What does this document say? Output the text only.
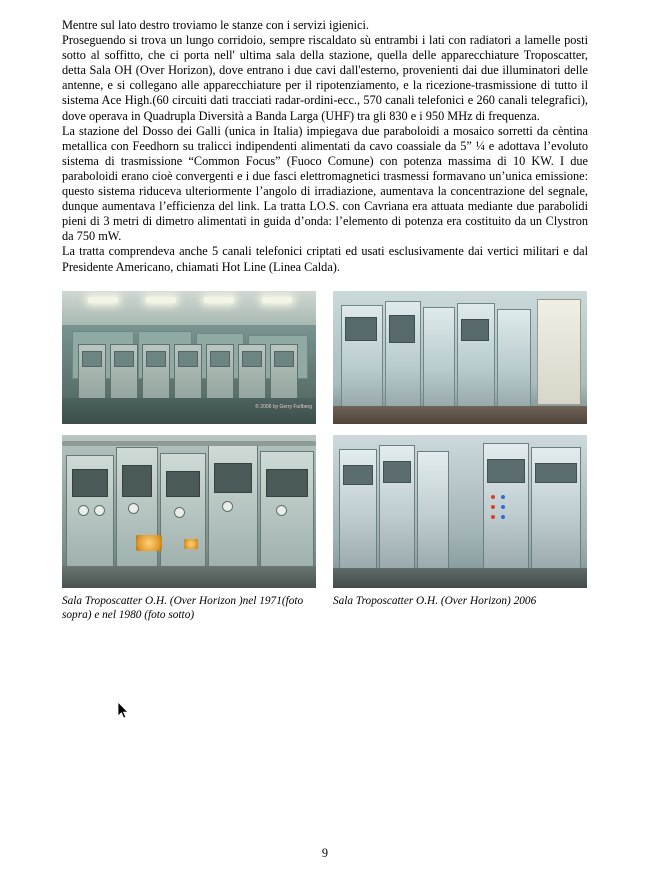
Mentre sul lato destro troviamo le stanze con i servizi igienici.

Proseguendo si trova un lungo corridoio, sempre riscaldato sù entrambi i lati con radiatori a lamelle posti sotto al soffitto, che ci porta nell' ultima sala della stazione, quella delle apparecchiature Troposcatter, detta Sala OH (Over Horizon), dove entrano i due cavi dall'esterno, provenienti dai due illuminatori delle antenne, e si collegano alle apparecchiature per il ripotenziamento, e la ricezione-trasmissione di tutto il sistema Ace High.(60 circuiti dati tracciati radar-ordini-ecc., 570 canali telefonici e 260 canali telegrafici), dove operava in Quadrupla Diversità a Banda Larga (UHF) tra gli 830 e i 950 MHz di frequenza.

La stazione del Dosso dei Galli (unica in Italia) impiegava due paraboloidi a mosaico sorretti da cèntina metallica con Feedhorn su tralicci indipendenti alimentati da cavo coassiale da 5” ¼ e adottava l’evoluto sistema di trasmissione “Common Focus” (Fuoco Comune) con potenza massima di 10 KW. I due paraboloidi erano cioè convergenti e i due fasci elettromagnetici trasmessi formavano un’unica emissione: questo sistema riduceva ulteriormente l’angolo di irradiazione, aumentava la concentrazione del segnale, dunque aumentava l’efficienza del link. La tratta LO.S. con Cavriana era attuata mediante due parabolidi pieni di 3 metri di dimetro alimentati in guida d’onda: l’elemento di potenza era costituito da un Clystron da 750 mW.

La tratta comprendeva anche 5 canali telefonici criptati ed usati esclusivamente dai vertici militari e dal Presidente Americano, chiamati Hot Line (Linea Calda).

© 2006 by Gerry Furlberg
Sala Troposcatter O.H. (Over Horizon )nel 1971(foto sopra) e nel 1980 (foto sotto)
Sala Troposcatter O.H. (Over Horizon) 2006
9
